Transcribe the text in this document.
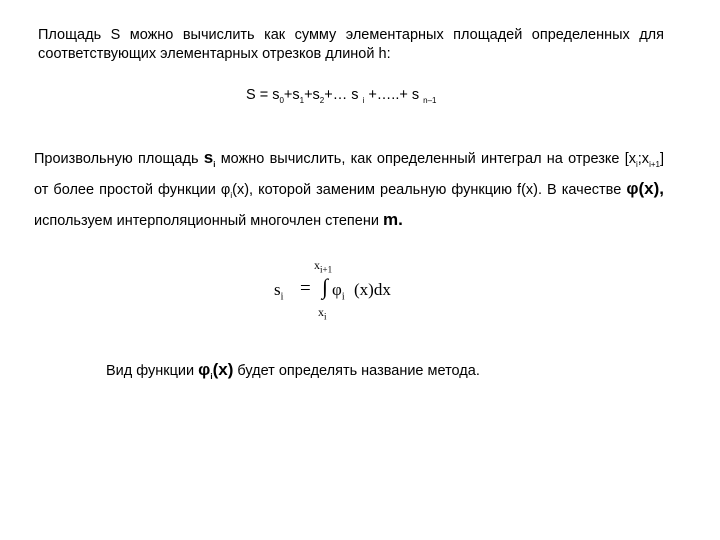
Площадь S можно вычислить как сумму элементарных площадей определенных для соответствующих элементарных отрезков длиной h:
$S = s_0+s_1+s_2+\dots$ s $_i$ +…..+ s $_{n-1}$
Произвольную площадь $s_i$ можно вычислить, как определенный интеграл на отрезке $[x_i;x_{i+1}]$ от более простой функции $\varphi_i(x)$, которой заменим реальную функцию f(x). В качестве φ(x), используем интерполяционный многочлен степени m.
$x_{i+1}$
$s_i$ = ∫ $\varphi_i$ (x)dx
$x_i$
Вид функции $\varphi_i(x)$ будет определять название метода.
